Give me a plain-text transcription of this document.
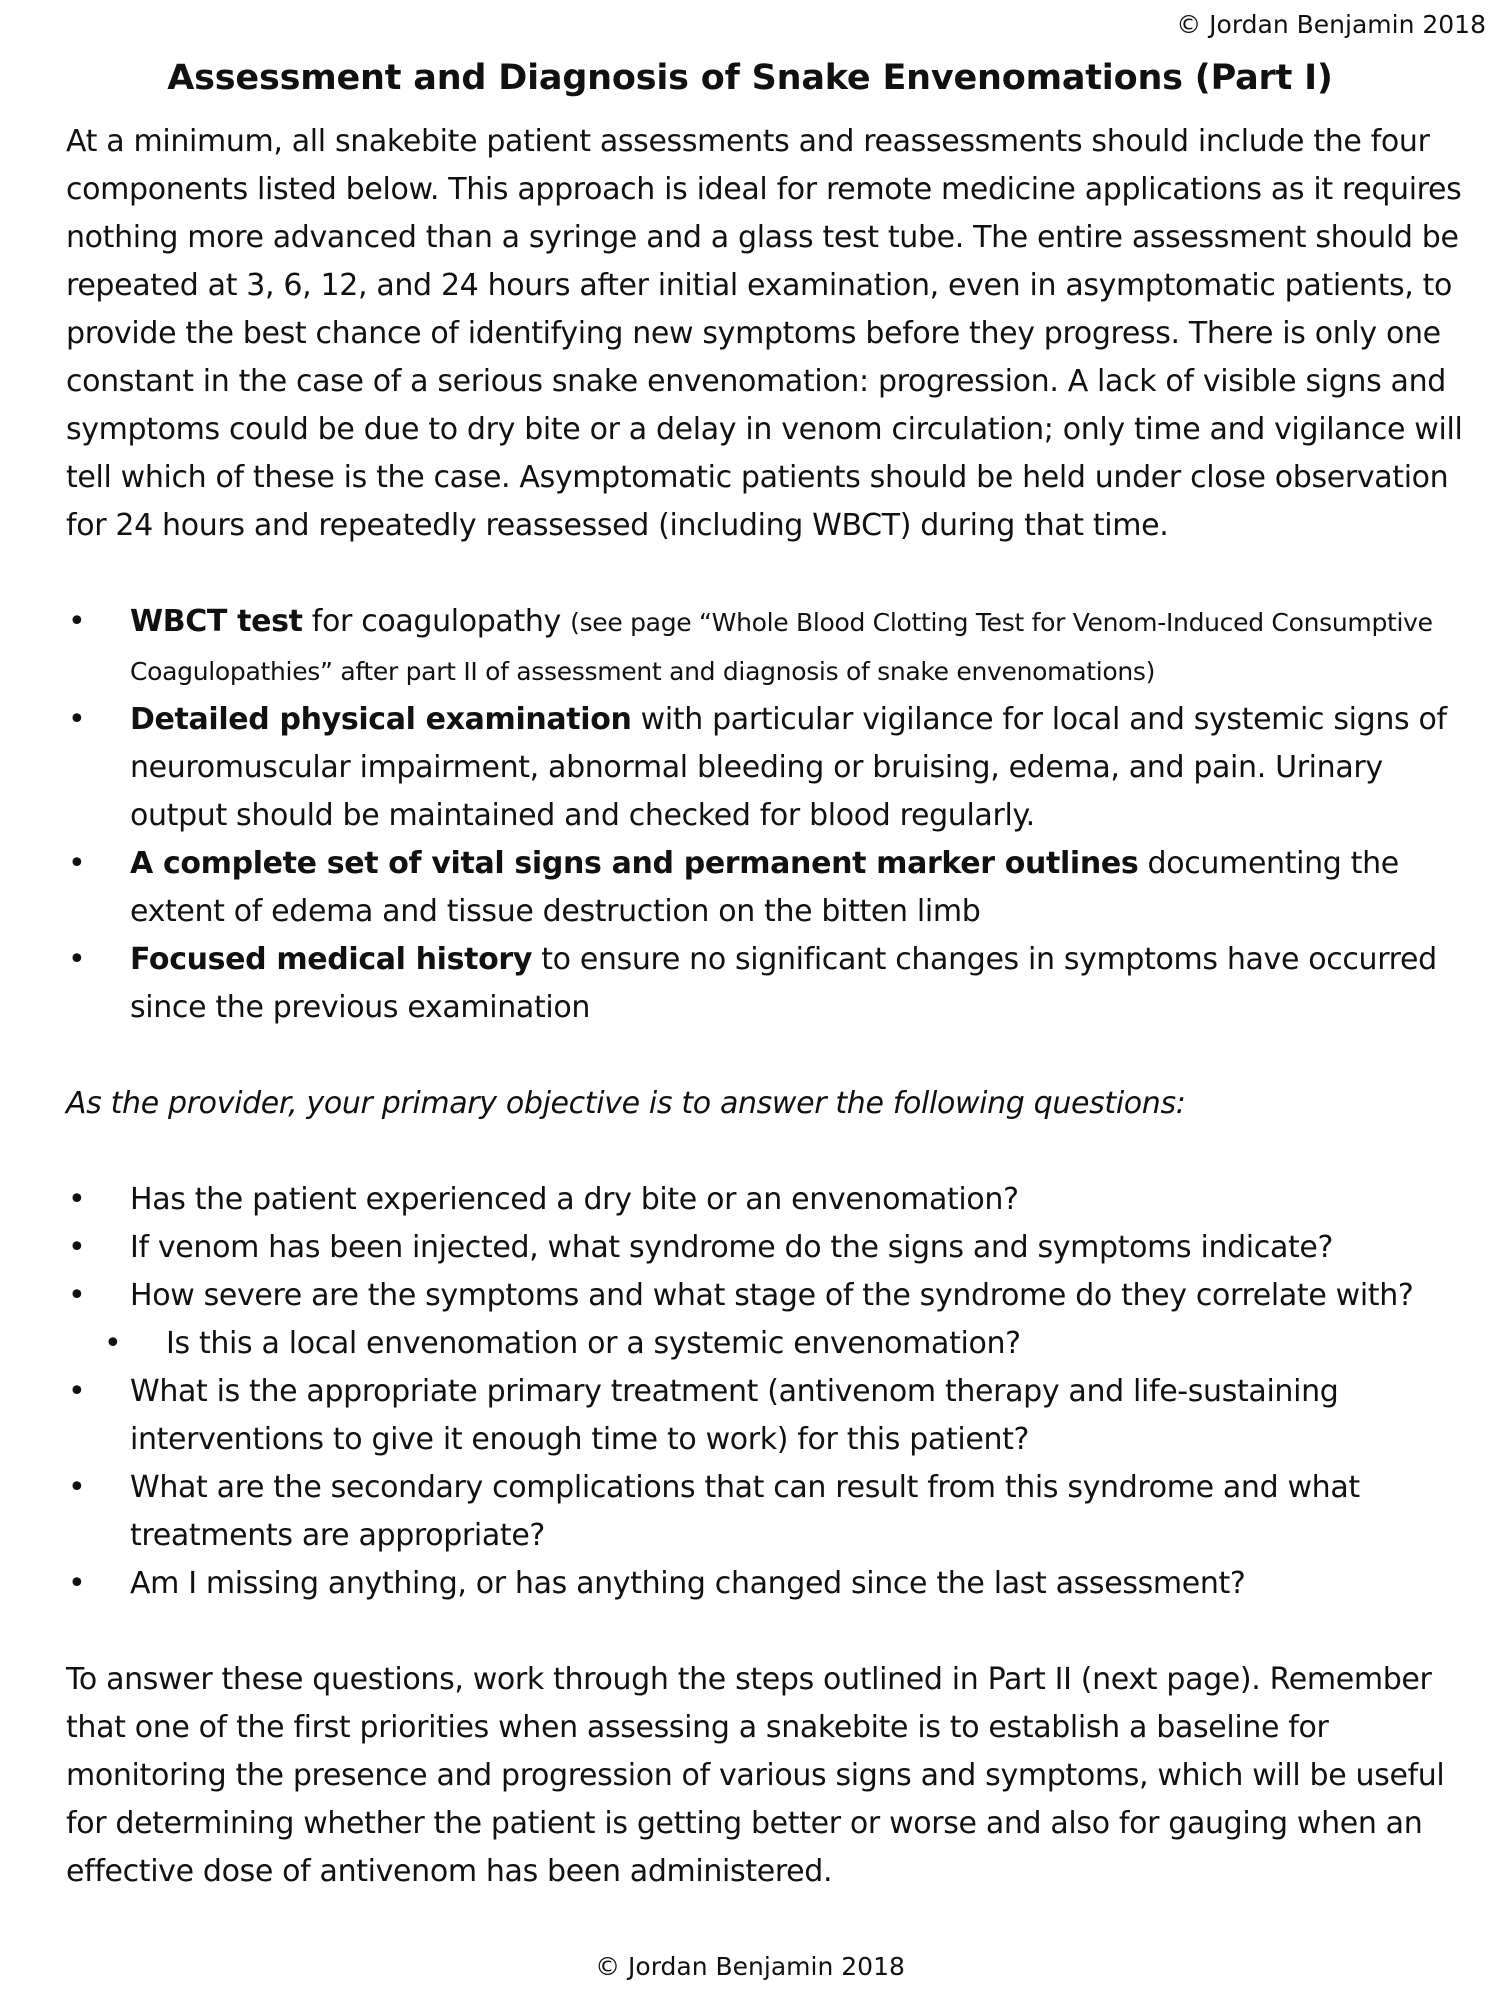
© Jordan Benjamin 2018
Assessment and Diagnosis of Snake Envenomations (Part I)

At a minimum, all snakebite patient assessments and reassessments should include the four components listed below. This approach is ideal for remote medicine applications as it requires nothing more advanced than a syringe and a glass test tube. The entire assessment should be repeated at 3, 6, 12, and 24 hours after initial examination, even in asymptomatic patients, to provide the best chance of identifying new symptoms before they progress. There is only one constant in the case of a serious snake envenomation: progression. A lack of visible signs and symptoms could be due to dry bite or a delay in venom circulation; only time and vigilance will tell which of these is the case. Asymptomatic patients should be held under close observation for 24 hours and repeatedly reassessed (including WBCT) during that time.

• WBCT test for coagulopathy (see page “Whole Blood Clotting Test for Venom-Induced Consumptive Coagulopathies” after part II of assessment and diagnosis of snake envenomations)
• Detailed physical examination with particular vigilance for local and systemic signs of neuromuscular impairment, abnormal bleeding or bruising, edema, and pain. Urinary output should be maintained and checked for blood regularly.
• A complete set of vital signs and permanent marker outlines documenting the extent of edema and tissue destruction on the bitten limb
• Focused medical history to ensure no significant changes in symptoms have occurred since the previous examination

As the provider, your primary objective is to answer the following questions:

• Has the patient experienced a dry bite or an envenomation?
• If venom has been injected, what syndrome do the signs and symptoms indicate?
• How severe are the symptoms and what stage of the syndrome do they correlate with?
• Is this a local envenomation or a systemic envenomation?
• What is the appropriate primary treatment (antivenom therapy and life-sustaining interventions to give it enough time to work) for this patient?
• What are the secondary complications that can result from this syndrome and what treatments are appropriate?
• Am I missing anything, or has anything changed since the last assessment?

To answer these questions, work through the steps outlined in Part II (next page). Remember that one of the first priorities when assessing a snakebite is to establish a baseline for monitoring the presence and progression of various signs and symptoms, which will be useful for determining whether the patient is getting better or worse and also for gauging when an effective dose of antivenom has been administered.

© Jordan Benjamin 2018
